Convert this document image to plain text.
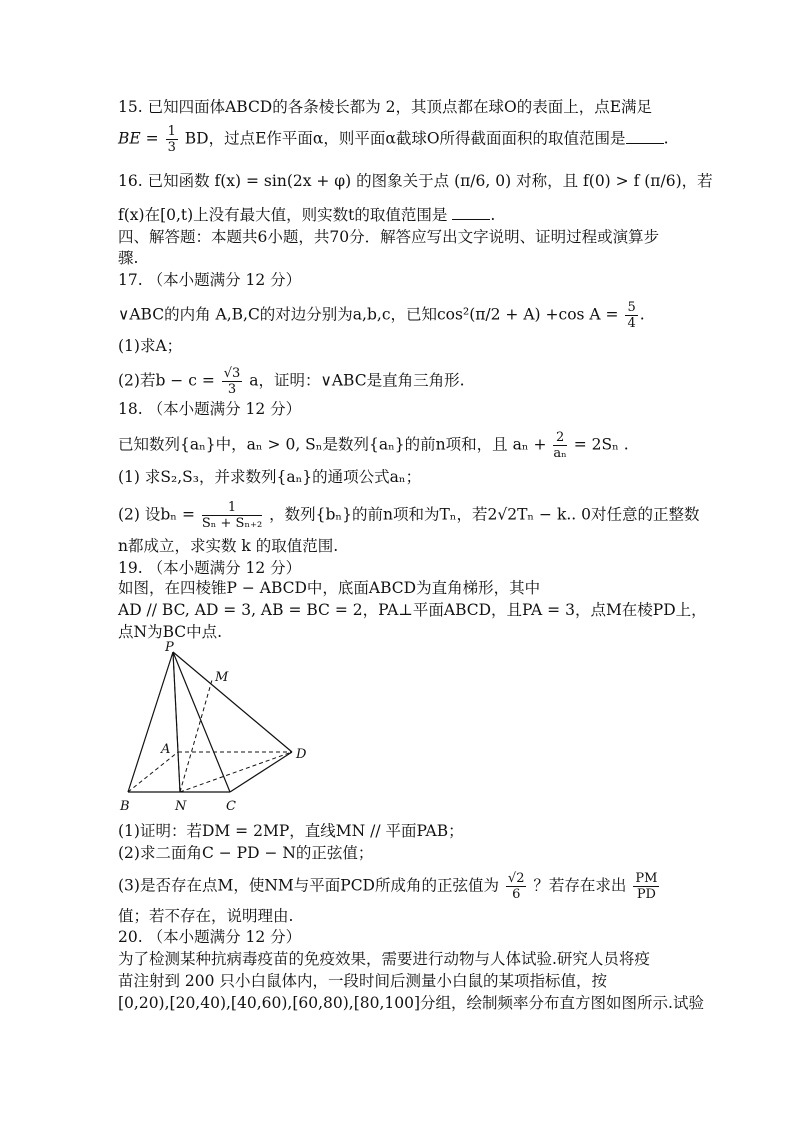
15. 已知四面体ABCD的各条棱长都为 2，其顶点都在球O的表面上，点E满足
BE = $\frac{1}{3}$ BD，过点E作平面α，则平面α截球O所得截面面积的取值范围是 .
16. 已知函数 f(x) = sin(2x + φ) 的图象关于点 (π/6, 0) 对称，且 f(0) > f (π/6)，若
f(x)在[0,t)上没有最大值，则实数t的取值范围是	.
四、解答题：本题共6小题，共70分．解答应写出文字说明、证明过程或演算步
骤.
17. （本小题满分 12 分）
∨ABC的内角 A,B,C的对边分别为a,b,c，已知cos²(π/2 + A) +cos $A = \frac{5}{4}$ .
(1)求A；
(2)若$b - c = \frac{√3}{3}$ a，证明：∨ABC是直角三角形.
18. （本小题满分 12 分）
已知数列{aₙ}中，aₙ > 0, Sₙ是数列{aₙ}的前n项和，且 $a_n + \frac{2}{\text{aₙ}} = 2S_n$ .
(1) 求S₂,S₃，并求数列{aₙ}的通项公式aₙ；
(2) 设$b_n = \frac{1}{\text{Sₙ + Sₙ₊₂}}$ ，数列{bₙ}的前n项和为Tₙ，若2√2Tₙ − k.. 0对任意的正整数
n都成立，求实数 k 的取值范围.
19. （本小题满分 12 分）
如图，在四棱锥P − ABCD中，底面ABCD为直角梯形，其中
AD // BC, AD = 3, AB = BC = 2，PA⊥平面ABCD，且PA = 3，点M在棱PD上，
点N为BC中点.
P
M
A	D
B	N	C
(1)证明：若DM = 2MP，直线MN // 平面PAB；
(2)求二面角C − PD − N的正弦值；
(3)是否存在点M，使NM与平面PCD所成角的正弦值为 $\frac{√2}{6}$ ？若存在求出 $\frac{PM}{PD}$
值；若不存在，说明理由.
20. （本小题满分 12 分）
为了检测某种抗病毒疫苗的免疫效果，需要进行动物与人体试验.研究人员将疫
苗注射到 200 只小白鼠体内，一段时间后测量小白鼠的某项指标值，按
[0,20),[20,40),[40,60),[60,80),[80,100]分组，绘制频率分布直方图如图所示.试验
